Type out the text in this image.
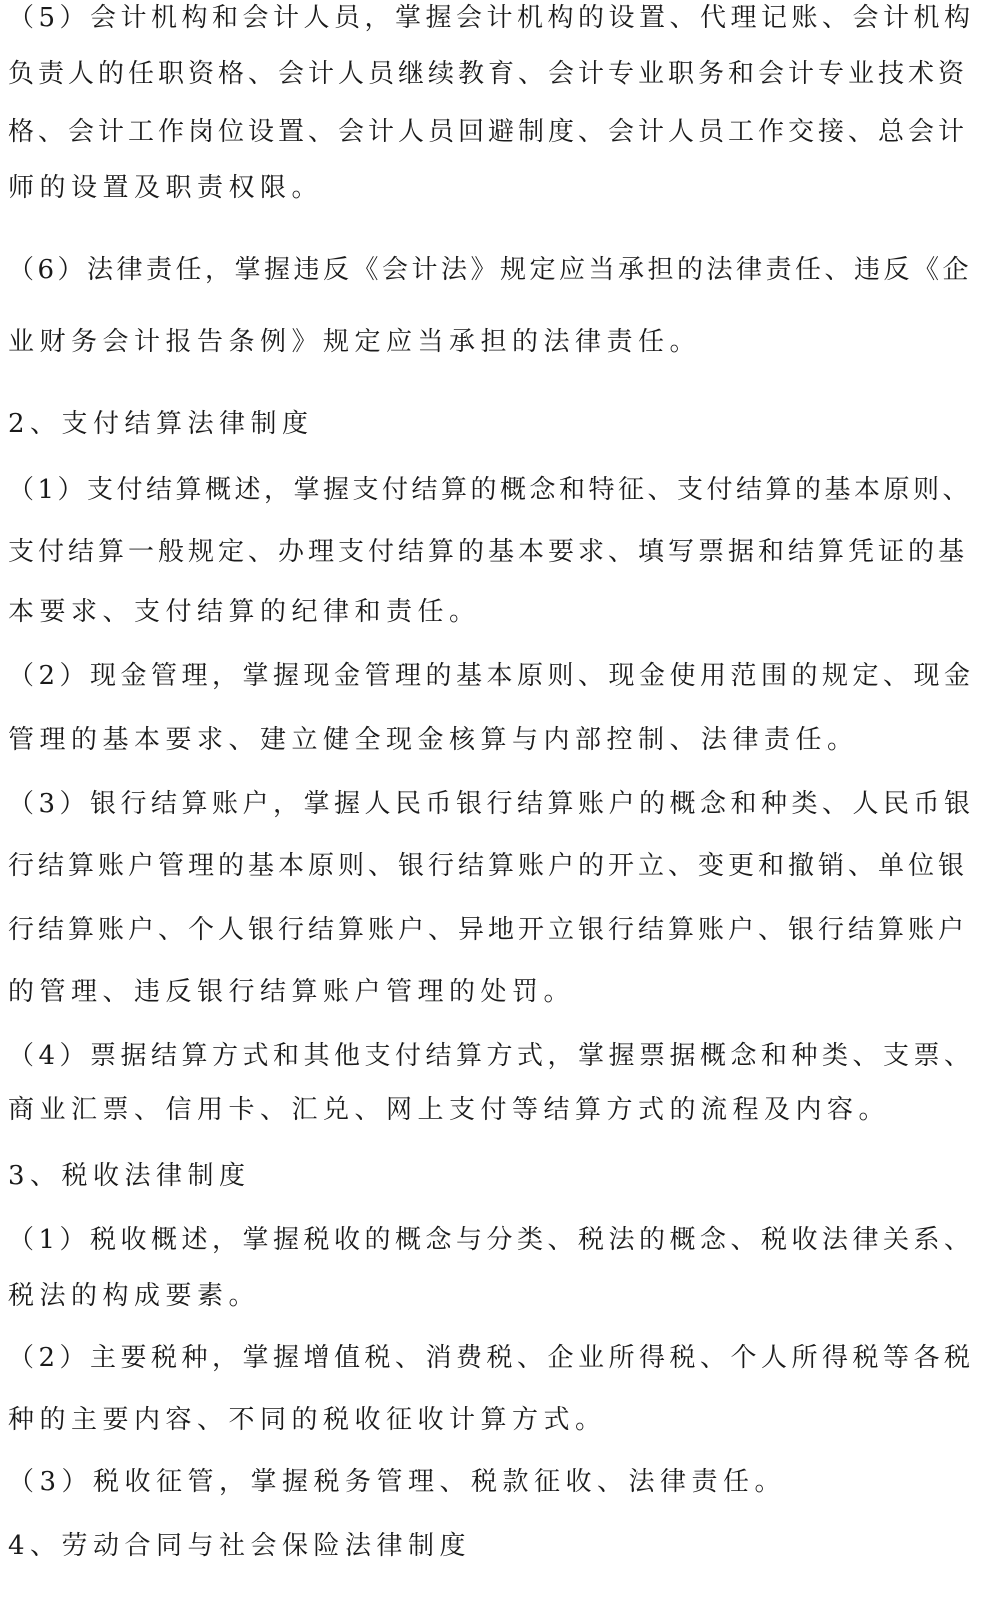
（5）会计机构和会计人员，掌握会计机构的设置、代理记账、会计机构
负责人的任职资格、会计人员继续教育、会计专业职务和会计专业技术资
格、会计工作岗位设置、会计人员回避制度、会计人员工作交接、总会计
师的设置及职责权限。
（6）法律责任，掌握违反《会计法》规定应当承担的法律责任、违反《企
业财务会计报告条例》规定应当承担的法律责任。
2、支付结算法律制度
（1）支付结算概述，掌握支付结算的概念和特征、支付结算的基本原则、
支付结算一般规定、办理支付结算的基本要求、填写票据和结算凭证的基
本要求、支付结算的纪律和责任。
（2）现金管理，掌握现金管理的基本原则、现金使用范围的规定、现金
管理的基本要求、建立健全现金核算与内部控制、法律责任。
（3）银行结算账户，掌握人民币银行结算账户的概念和种类、人民币银
行结算账户管理的基本原则、银行结算账户的开立、变更和撤销、单位银
行结算账户、个人银行结算账户、异地开立银行结算账户、银行结算账户
的管理、违反银行结算账户管理的处罚。
（4）票据结算方式和其他支付结算方式，掌握票据概念和种类、支票、
商业汇票、信用卡、汇兑、网上支付等结算方式的流程及内容。
3、税收法律制度
（1）税收概述，掌握税收的概念与分类、税法的概念、税收法律关系、
税法的构成要素。
（2）主要税种，掌握增值税、消费税、企业所得税、个人所得税等各税
种的主要内容、不同的税收征收计算方式。
（3）税收征管，掌握税务管理、税款征收、法律责任。
4、劳动合同与社会保险法律制度
